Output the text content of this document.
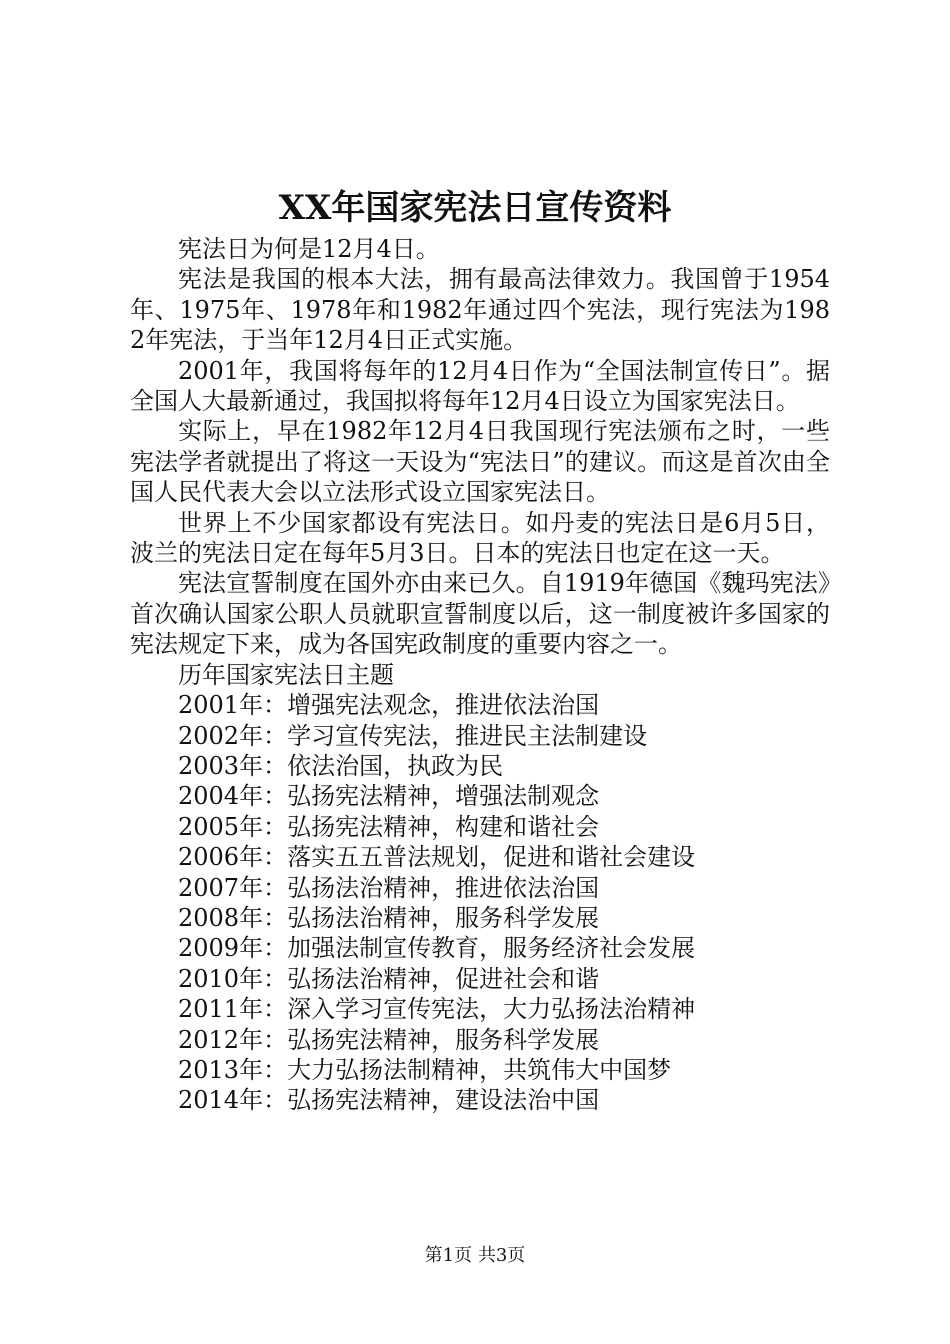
XX年国家宪法日宣传资料

宪法日为何是12月4日。

宪法是我国的根本大法，拥有最高法律效力。我国曾于1954年、1975年、1978年和1982年通过四个宪法，现行宪法为1982年宪法，于当年12月4日正式实施。

2001年，我国将每年的12月4日作为“全国法制宣传日”。据全国人大最新通过，我国拟将每年12月4日设立为国家宪法日。

实际上，早在1982年12月4日我国现行宪法颁布之时，一些宪法学者就提出了将这一天设为“宪法日”的建议。而这是首次由全国人民代表大会以立法形式设立国家宪法日。

世界上不少国家都设有宪法日。如丹麦的宪法日是6月5日，波兰的宪法日定在每年5月3日。日本的宪法日也定在这一天。

宪法宣誓制度在国外亦由来已久。自1919年德国《魏玛宪法》首次确认国家公职人员就职宣誓制度以后，这一制度被许多国家的宪法规定下来，成为各国宪政制度的重要内容之一。

历年国家宪法日主题

2001年：增强宪法观念，推进依法治国
2002年：学习宣传宪法，推进民主法制建设
2003年：依法治国，执政为民
2004年：弘扬宪法精神，增强法制观念
2005年：弘扬宪法精神，构建和谐社会
2006年：落实五五普法规划，促进和谐社会建设
2007年：弘扬法治精神，推进依法治国
2008年：弘扬法治精神，服务科学发展
2009年：加强法制宣传教育，服务经济社会发展
2010年：弘扬法治精神，促进社会和谐
2011年：深入学习宣传宪法，大力弘扬法治精神
2012年：弘扬宪法精神，服务科学发展
2013年：大力弘扬法制精神，共筑伟大中国梦
2014年：弘扬宪法精神，建设法治中国
第1页 共3页
